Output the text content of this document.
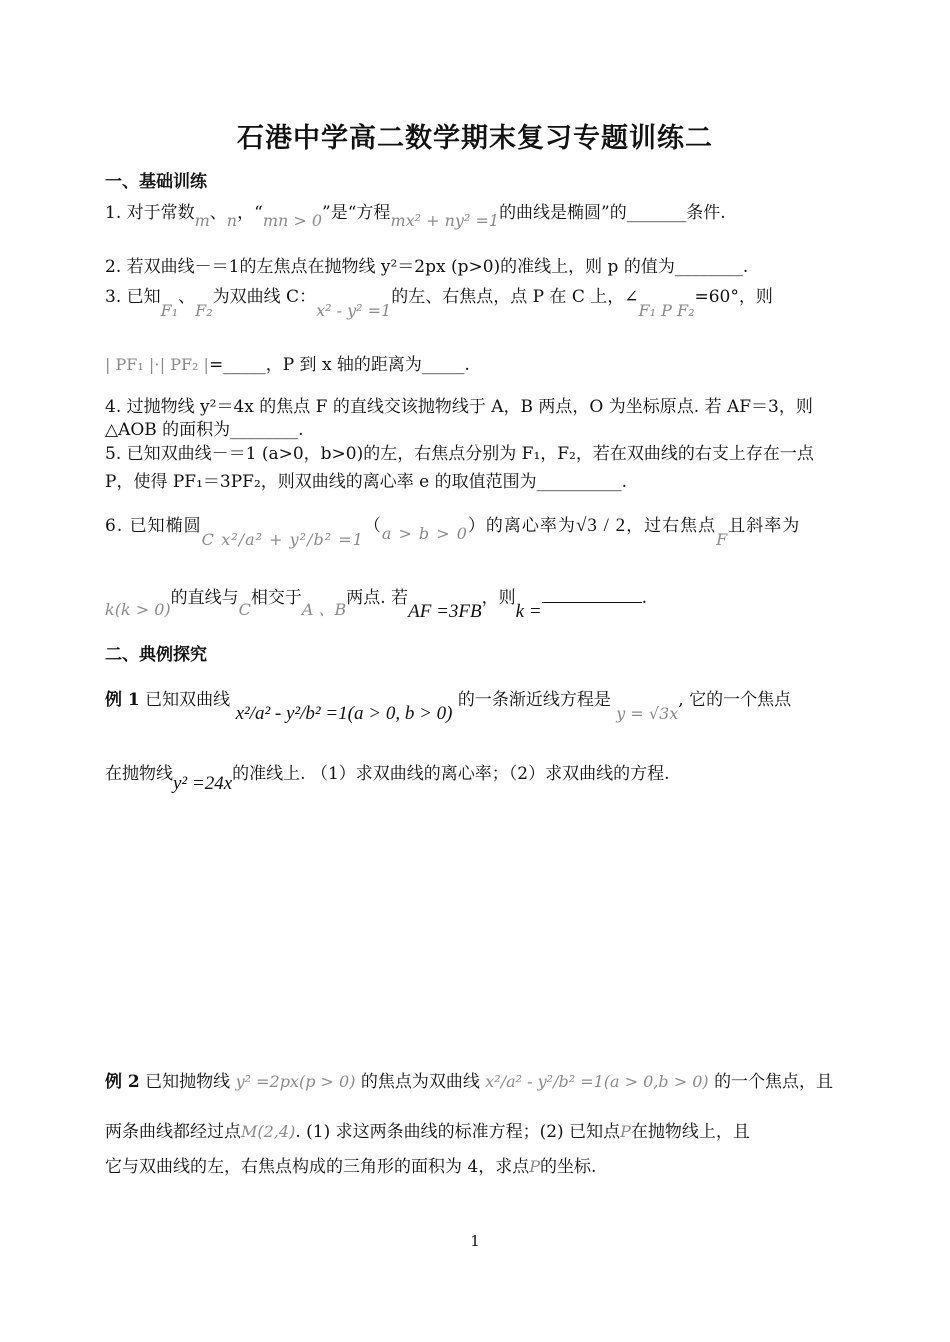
石港中学高二数学期末复习专题训练二
一、基础训练
1. 对于常数m、n，“mn > 0”是“方程mx² + ny² =1的曲线是椭圆”的_______条件.
2. 若双曲线－＝1的左焦点在抛物线 y²＝2px (p>0)的准线上，则 p 的值为________.
3. 已知F₁、F₂为双曲线 C：x² - y² =1的左、右焦点，点 P 在 C 上，∠F₁ P F₂=60°，则
| PF₁ |⋅| PF₂ |=_____，P 到 x 轴的距离为_____.
4. 过抛物线 y²＝4x 的焦点 F 的直线交该抛物线于 A，B 两点，O 为坐标原点. 若 AF＝3，则
△AOB 的面积为________.
5. 已知双曲线－＝1 (a>0，b>0)的左，右焦点分别为 F₁，F₂，若在双曲线的右支上存在一点
P，使得 PF₁＝3PF₂，则双曲线的离心率 e 的取值范围为__________.
6. 已知椭圆C x²/a² + y²/b² =1（a > b > 0）的离心率为√3 / 2，过右焦点F且斜率为
k(k > 0)的直线与C相交于A 、B两点. 若AF =3FB，则k =.
二、典例探究
例 1 已知双曲线 x²/a² - y²/b² =1(a > 0, b > 0) 的一条渐近线方程是 y = √3x, 它的一个焦点
在抛物线y² =24x的准线上. （1）求双曲线的离心率；（2）求双曲线的方程.
例 2 已知抛物线 y² =2px(p > 0) 的焦点为双曲线 x²/a² - y²/b² =1(a > 0,b > 0) 的一个焦点，且
两条曲线都经过点M(2,4). (1) 求这两条曲线的标准方程；(2) 已知点P在抛物线上，且
它与双曲线的左，右焦点构成的三角形的面积为 4，求点P的坐标.
1
